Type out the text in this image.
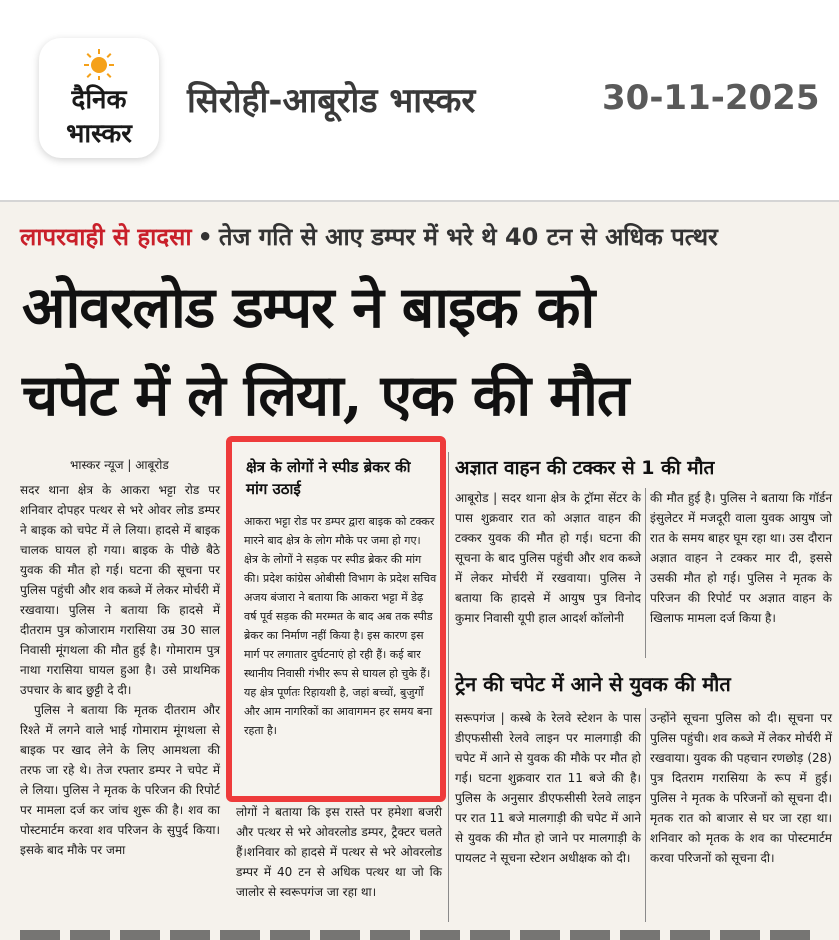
दैनिक
भास्कर
सिरोही-आबूरोड भास्कर	30-11-2025
लापरवाही से हादसा • तेज गति से आए डम्पर में भरे थे 40 टन से अधिक पत्थर
ओवरलोड डम्पर ने बाइक को
चपेट में ले लिया, एक की मौत
भास्कर न्यूज | आबूरोड

सदर थाना क्षेत्र के आकरा भट्टा रोड पर शनिवार दोपहर पत्थर से भरे ओवर लोड डम्पर ने बाइक को चपेट में ले लिया। हादसे में बाइक चालक घायल हो गया। बाइक के पीछे बैठे युवक की मौत हो गई। घटना की सूचना पर पुलिस पहुंची और शव कब्जे में लेकर मोर्चरी में रखवाया। पुलिस ने बताया कि हादसे में दीतराम पुत्र कोजाराम गरासिया उम्र 30 साल निवासी मूंगथला की मौत हुई है। गोमाराम पुत्र नाथा गरासिया घायल हुआ है। उसे प्राथमिक उपचार के बाद छुट्टी दे दी।

पुलिस ने बताया कि मृतक दीतराम और रिश्ते में लगने वाले भाई गोमाराम मूंगथला से बाइक पर खाद लेने के लिए आमथला की तरफ जा रहे थे। तेज रफ्तार डम्पर ने चपेट में ले लिया। पुलिस ने मृतक के परिजन की रिपोर्ट पर मामला दर्ज कर जांच शुरू की है। शव का पोस्टमार्टम करवा शव परिजन के सुपुर्द किया। इसके बाद मौके पर जमा

क्षेत्र के लोगों ने स्पीड ब्रेकर की मांग उठाई
आकरा भट्टा रोड पर डम्पर द्वारा बाइक को टक्कर मारने बाद क्षेत्र के लोग मौके पर जमा हो गए। क्षेत्र के लोगों ने सड़क पर स्पीड ब्रेकर की मांग की। प्रदेश कांग्रेस ओबीसी विभाग के प्रदेश सचिव अजय बंजारा ने बताया कि आकरा भट्टा में डेढ़ वर्ष पूर्व सड़क की मरम्मत के बाद अब तक स्पीड ब्रेकर का निर्माण नहीं किया है। इस कारण इस मार्ग पर लगातार दुर्घटनाएं हो रही हैं। कई बार स्थानीय निवासी गंभीर रूप से घायल हो चुके हैं। यह क्षेत्र पूर्णतः रिहायशी है, जहां बच्चों, बुजुर्गों और आम नागरिकों का आवागमन हर समय बना रहता है।
लोगों ने बताया कि इस रास्ते पर हमेशा बजरी और पत्थर से भरे ओवरलोड डम्पर, ट्रैक्टर चलते हैं।शनिवार को हादसे में पत्थर से भरे ओवरलोड डम्पर में 40 टन से अधिक पत्थर था जो कि जालोर से स्वरूपगंज जा रहा था।
अज्ञात वाहन की टक्कर से 1 की मौत
आबूरोड | सदर थाना क्षेत्र के ट्रॉमा सेंटर के पास शुक्रवार रात को अज्ञात वाहन की टक्कर युवक की मौत हो गई। घटना की सूचना के बाद पुलिस पहुंची और शव कब्जे में लेकर मोर्चरी में रखवाया। पुलिस ने बताया कि हादसे में आयुष पुत्र विनोद कुमार निवासी यूपी हाल आदर्श कॉलोनी
की मौत हुई है। पुलिस ने बताया कि गॉर्डन इंसुलेटर में मजदूरी वाला युवक आयुष जो रात के समय बाहर घूम रहा था। उस दौरान अज्ञात वाहन ने टक्कर मार दी, इससे उसकी मौत हो गई। पुलिस ने मृतक के परिजन की रिपोर्ट पर अज्ञात वाहन के खिलाफ मामला दर्ज किया है।
ट्रेन की चपेट में आने से युवक की मौत
सरूपगंज | कस्बे के रेलवे स्टेशन के पास डीएफसीसी रेलवे लाइन पर मालगाड़ी की चपेट में आने से युवक की मौके पर मौत हो गई। घटना शुक्रवार रात 11 बजे की है। पुलिस के अनुसार डीएफसीसी रेलवे लाइन पर रात 11 बजे मालगाड़ी की चपेट में आने से युवक की मौत हो जाने पर मालगाड़ी के पायलट ने सूचना स्टेशन अधीक्षक को दी।
उन्होंने सूचना पुलिस को दी। सूचना पर पुलिस पहुंची। शव कब्जे में लेकर मोर्चरी में रखवाया। युवक की पहचान रणछोड़ (28) पुत्र दितराम गरासिया के रूप में हुई। पुलिस ने मृतक के परिजनों को सूचना दी। मृतक रात को बाजार से घर जा रहा था। शनिवार को मृतक के शव का पोस्टमार्टम करवा परिजनों को सूचना दी।
